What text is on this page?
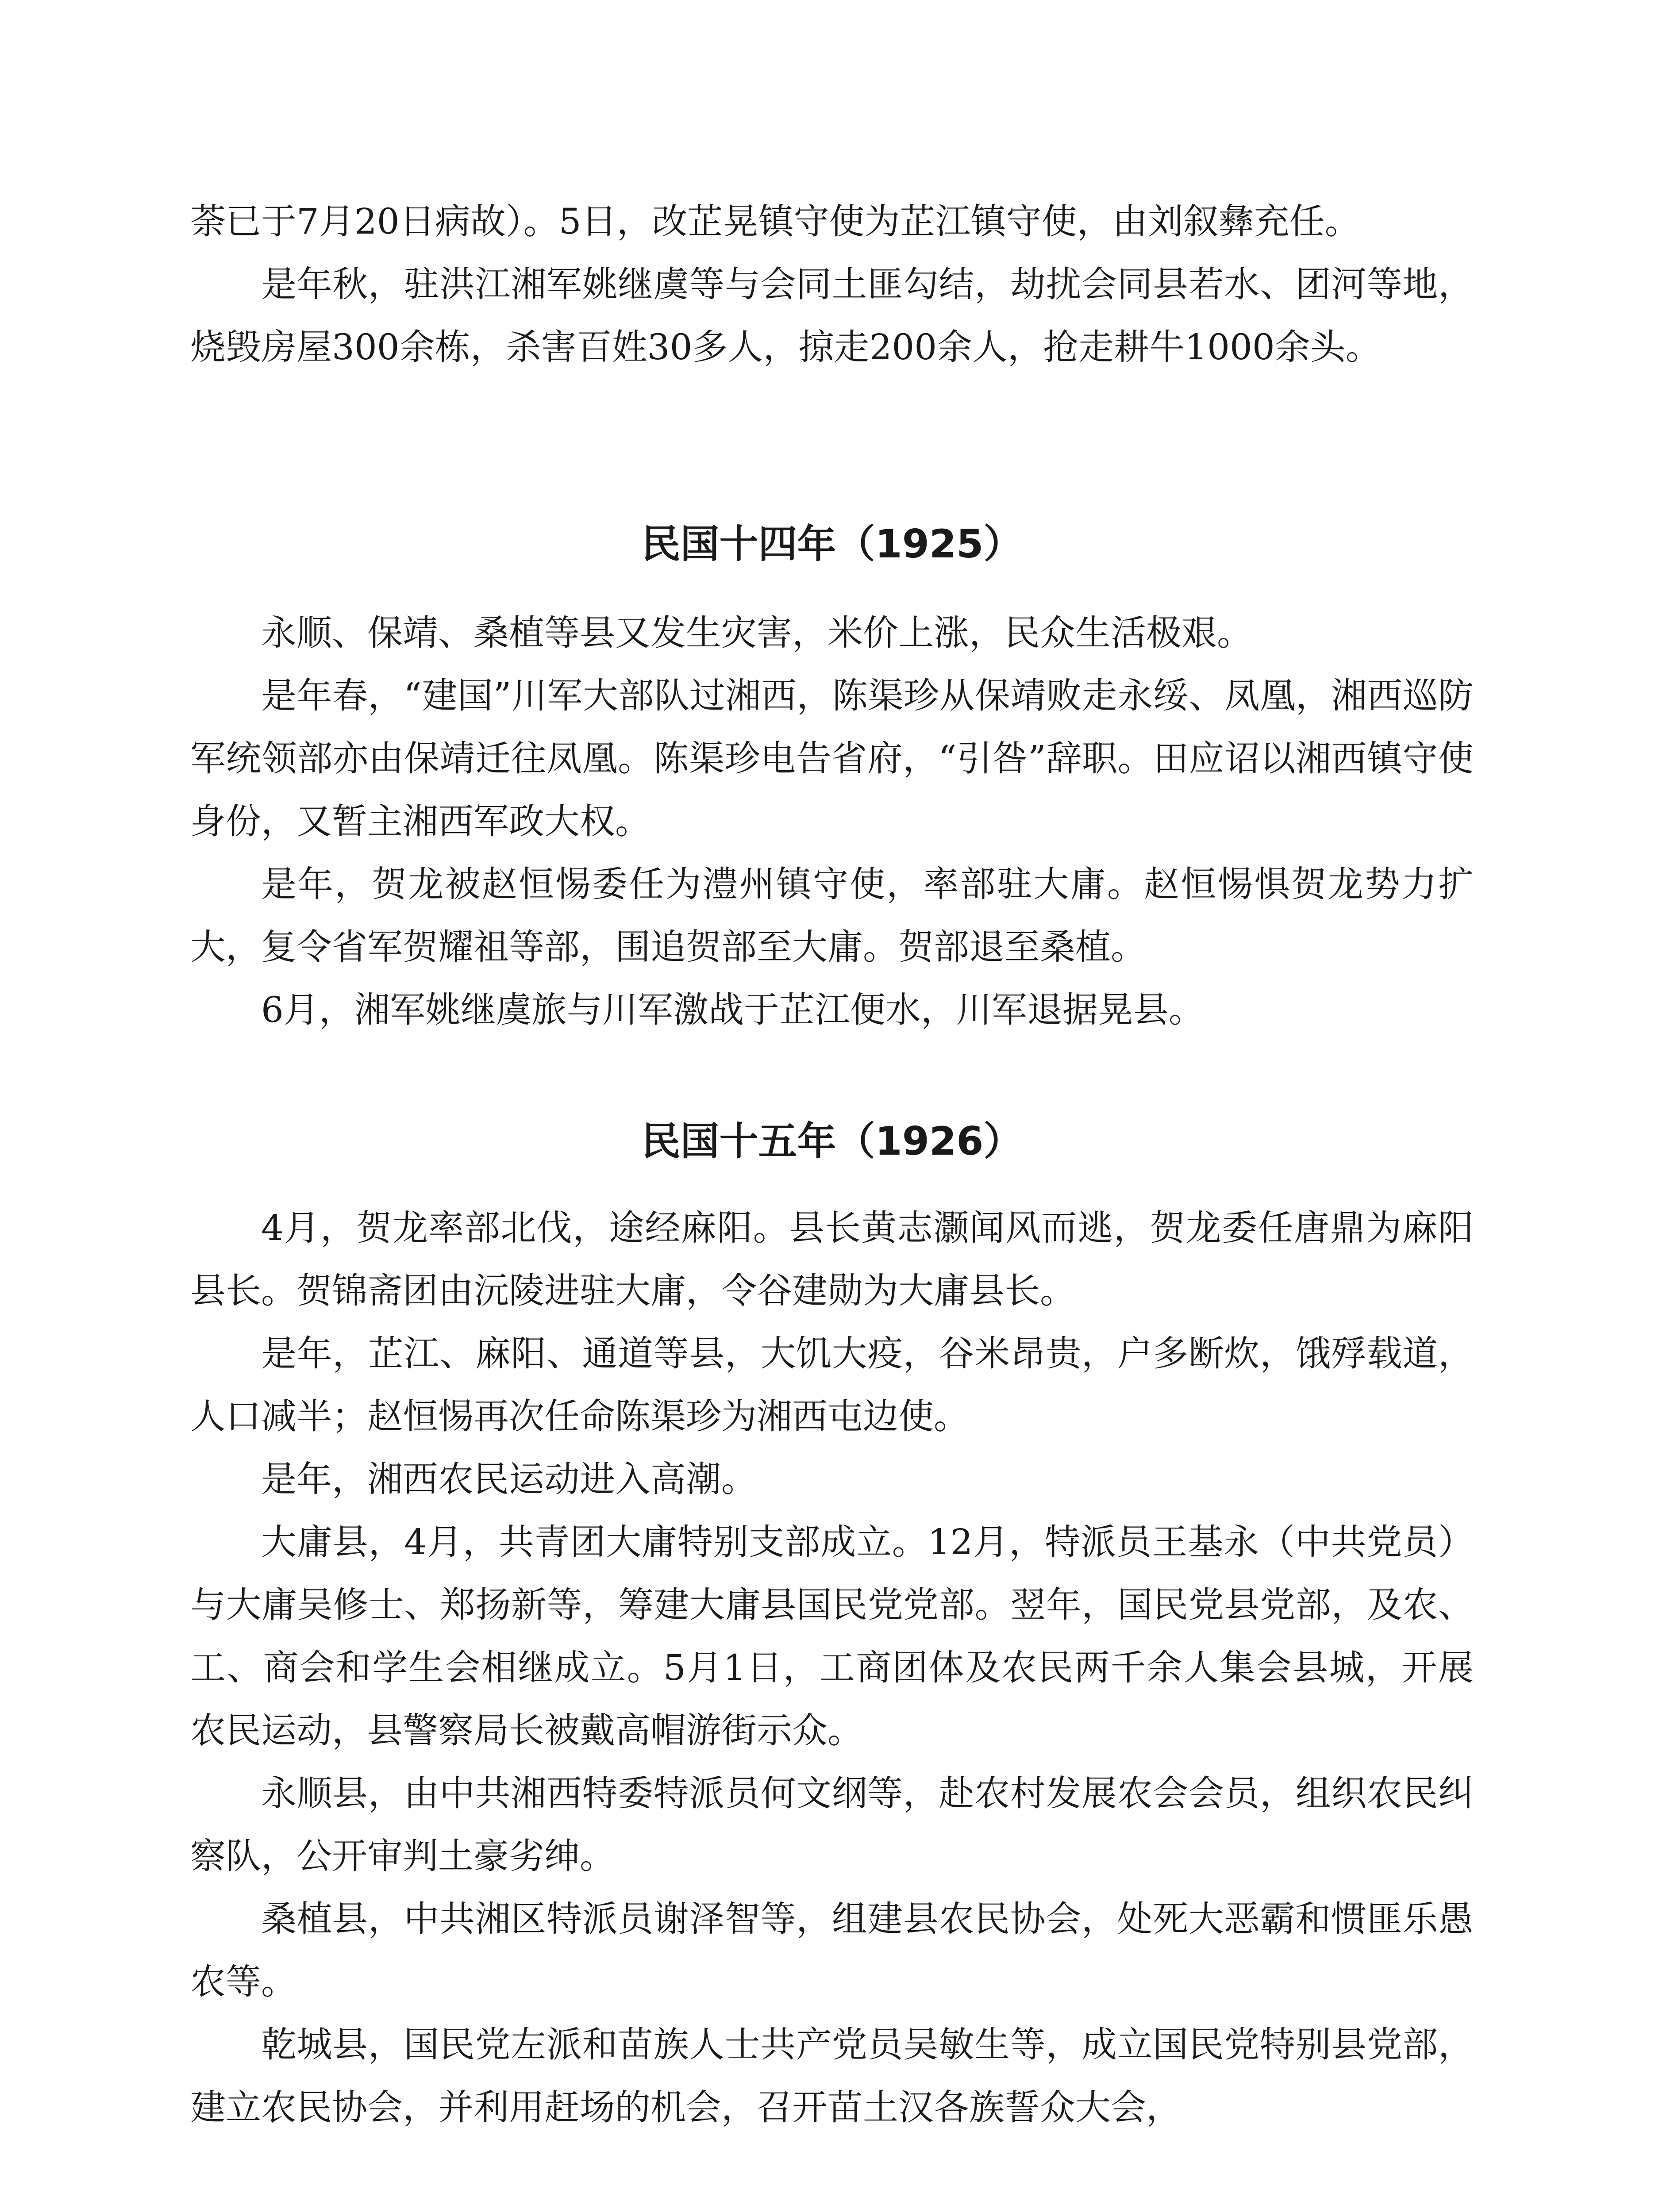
荼已于7月20日病故）。5日，改芷晃镇守使为芷江镇守使，由刘叙彝充任。

是年秋，驻洪江湘军姚继虞等与会同土匪勾结，劫扰会同县若水、团河等地，烧毁房屋300余栋，杀害百姓30多人，掠走200余人，抢走耕牛1000余头。

民国十四年（1925）

永顺、保靖、桑植等县又发生灾害，米价上涨，民众生活极艰。

是年春，“建国”川军大部队过湘西，陈渠珍从保靖败走永绥、凤凰，湘西巡防军统领部亦由保靖迁往凤凰。陈渠珍电告省府，“引咎”辞职。田应诏以湘西镇守使身份，又暂主湘西军政大权。

是年，贺龙被赵恒惕委任为澧州镇守使，率部驻大庸。赵恒惕惧贺龙势力扩大，复令省军贺耀祖等部，围追贺部至大庸。贺部退至桑植。

6月，湘军姚继虞旅与川军激战于芷江便水，川军退据晃县。

民国十五年（1926）

4月，贺龙率部北伐，途经麻阳。县长黄志灏闻风而逃，贺龙委任唐鼎为麻阳县长。贺锦斋团由沅陵进驻大庸，令谷建勋为大庸县长。

是年，芷江、麻阳、通道等县，大饥大疫，谷米昂贵，户多断炊，饿殍载道，人口减半；赵恒惕再次任命陈渠珍为湘西屯边使。

是年，湘西农民运动进入高潮。

大庸县，4月，共青团大庸特别支部成立。12月，特派员王基永（中共党员）与大庸吴修士、郑扬新等，筹建大庸县国民党党部。翌年，国民党县党部，及农、工、商会和学生会相继成立。5月1日，工商团体及农民两千余人集会县城，开展农民运动，县警察局长被戴高帽游街示众。

永顺县，由中共湘西特委特派员何文纲等，赴农村发展农会会员，组织农民纠察队，公开审判土豪劣绅。

桑植县，中共湘区特派员谢泽智等，组建县农民协会，处死大恶霸和惯匪乐愚农等。

乾城县，国民党左派和苗族人士共产党员吴敏生等，成立国民党特别县党部，建立农民协会，并利用赶场的机会，召开苗土汉各族誓众大会，
